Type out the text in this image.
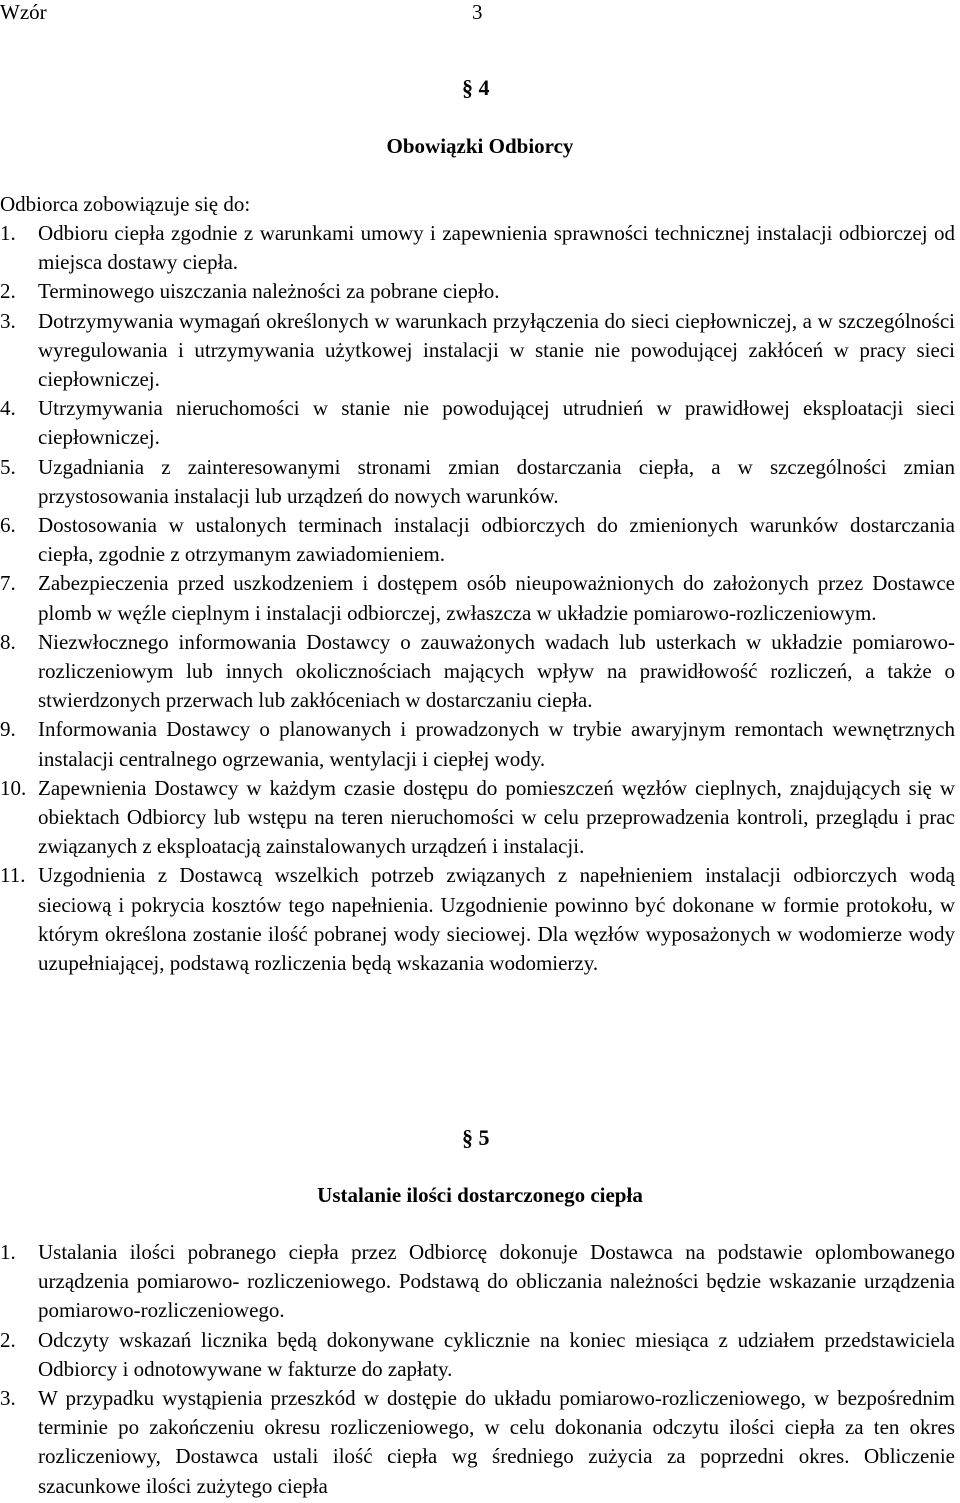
Wzór	3
§ 4
Obowiązki Odbiorcy
Odbiorca zobowiązuje się do:
1. Odbioru ciepła zgodnie z warunkami umowy i zapewnienia sprawności technicznej instalacji odbiorczej od miejsca dostawy ciepła.
2. Terminowego uiszczania należności za pobrane ciepło.
3. Dotrzymywania wymagań określonych w warunkach przyłączenia do sieci ciepłowniczej, a w szczególności wyregulowania i utrzymywania użytkowej instalacji w stanie nie powodującej zakłóceń w pracy sieci ciepłowniczej.
4. Utrzymywania nieruchomości w stanie nie powodującej utrudnień w prawidłowej eksploatacji sieci ciepłowniczej.
5. Uzgadniania z zainteresowanymi stronami zmian dostarczania ciepła, a w szczególności zmian przystosowania instalacji lub urządzeń do nowych warunków.
6. Dostosowania w ustalonych terminach instalacji odbiorczych do zmienionych warunków dostarczania ciepła, zgodnie z otrzymanym zawiadomieniem.
7. Zabezpieczenia przed uszkodzeniem i dostępem osób nieupoważnionych do założonych przez Dostawce plomb w węźle cieplnym i instalacji odbiorczej, zwłaszcza w układzie pomiarowo-rozliczeniowym.
8. Niezwłocznego informowania Dostawcy o zauważonych wadach lub usterkach w układzie pomiarowo-rozliczeniowym lub innych okolicznościach mających wpływ na prawidłowość rozliczeń, a także o stwierdzonych przerwach lub zakłóceniach w dostarczaniu ciepła.
9. Informowania Dostawcy o planowanych i prowadzonych w trybie awaryjnym remontach wewnętrznych instalacji centralnego ogrzewania, wentylacji i ciepłej wody.
10. Zapewnienia Dostawcy w każdym czasie dostępu do pomieszczeń węzłów cieplnych, znajdujących się w obiektach Odbiorcy lub wstępu na teren nieruchomości w celu przeprowadzenia kontroli, przeglądu i prac związanych z eksploatacją zainstalowanych urządzeń i instalacji.
11. Uzgodnienia z Dostawcą wszelkich potrzeb związanych z napełnieniem instalacji odbiorczych wodą sieciową i pokrycia kosztów tego napełnienia. Uzgodnienie powinno być dokonane w formie protokołu, w którym określona zostanie ilość pobranej wody sieciowej. Dla węzłów wyposażonych w wodomierze wody uzupełniającej, podstawą rozliczenia będą wskazania wodomierzy.
§ 5
Ustalanie ilości dostarczonego ciepła
1. Ustalania ilości pobranego ciepła przez Odbiorcę dokonuje Dostawca na podstawie oplombowanego urządzenia pomiarowo- rozliczeniowego. Podstawą do obliczania należności będzie wskazanie urządzenia pomiarowo-rozliczeniowego.
2. Odczyty wskazań licznika będą dokonywane cyklicznie na koniec miesiąca z udziałem przedstawiciela Odbiorcy i odnotowywane w fakturze do zapłaty.
3. W przypadku wystąpienia przeszkód w dostępie do układu pomiarowo-rozliczeniowego, w bezpośrednim terminie po zakończeniu okresu rozliczeniowego, w celu dokonania odczytu ilości ciepła za ten okres rozliczeniowy, Dostawca ustali ilość ciepła wg średniego zużycia za poprzedni okres. Obliczenie szacunkowe ilości zużytego ciepła
